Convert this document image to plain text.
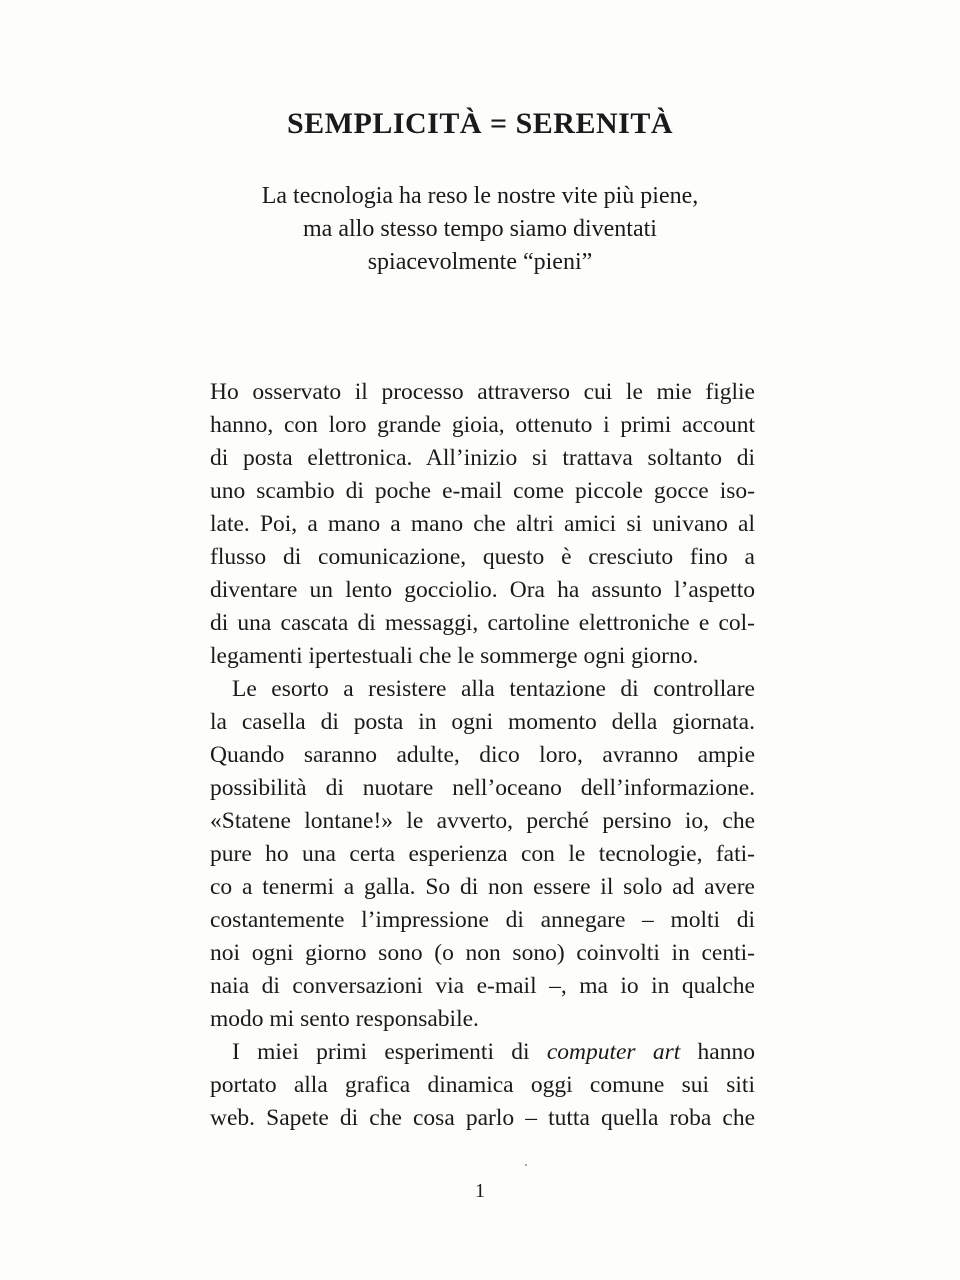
SEMPLICITÀ = SERENITÀ
La tecnologia ha reso le nostre vite più piene,
ma allo stesso tempo siamo diventati
spiacevolmente “pieni”
Ho osservato il processo attraverso cui le mie figlie
hanno, con loro grande gioia, ottenuto i primi account
di posta elettronica. All’inizio si trattava soltanto di
uno scambio di poche e-mail come piccole gocce iso-
late. Poi, a mano a mano che altri amici si univano al
flusso di comunicazione, questo è cresciuto fino a
diventare un lento gocciolio. Ora ha assunto l’aspetto
di una cascata di messaggi, cartoline elettroniche e col-
legamenti ipertestuali che le sommerge ogni giorno.
Le esorto a resistere alla tentazione di controllare
la casella di posta in ogni momento della giornata.
Quando saranno adulte, dico loro, avranno ampie
possibilità di nuotare nell’oceano dell’informazione.
«Statene lontane!» le avverto, perché persino io, che
pure ho una certa esperienza con le tecnologie, fati-
co a tenermi a galla. So di non essere il solo ad avere
costantemente l’impressione di annegare – molti di
noi ogni giorno sono (o non sono) coinvolti in centi-
naia di conversazioni via e-mail –, ma io in qualche
modo mi sento responsabile.
I miei primi esperimenti di computer art hanno
portato alla grafica dinamica oggi comune sui siti
web. Sapete di che cosa parlo – tutta quella roba che
1
